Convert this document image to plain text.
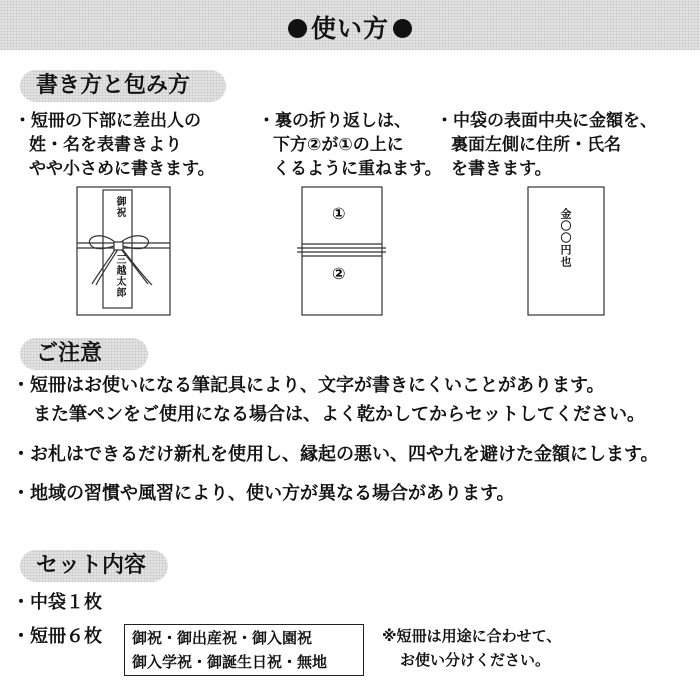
使い方
書き方と包み方
・短冊の下部に差出人の
姓・名を表書きより
やや小さめに書きます。
・裏の折り返しは、
下方②が①の上に
くるように重ねます。
・中袋の表面中央に金額を、
裏面左側に住所・氏名
を書きます。
御祝
三越太郎
①
②
金〇〇円也
ご注意
・短冊はお使いになる筆記具により、文字が書きにくいことがあります。
また筆ペンをご使用になる場合は、よく乾かしてからセットしてください。
・お札はできるだけ新札を使用し、縁起の悪い、四や九を避けた金額にします。
・地域の習慣や風習により、使い方が異なる場合があります。
セット内容
・中袋１枚
・短冊６枚 御祝・御出産祝・御入園祝
御入学祝・御誕生日祝・無地
※短冊は用途に合わせて、
お使い分けください。
